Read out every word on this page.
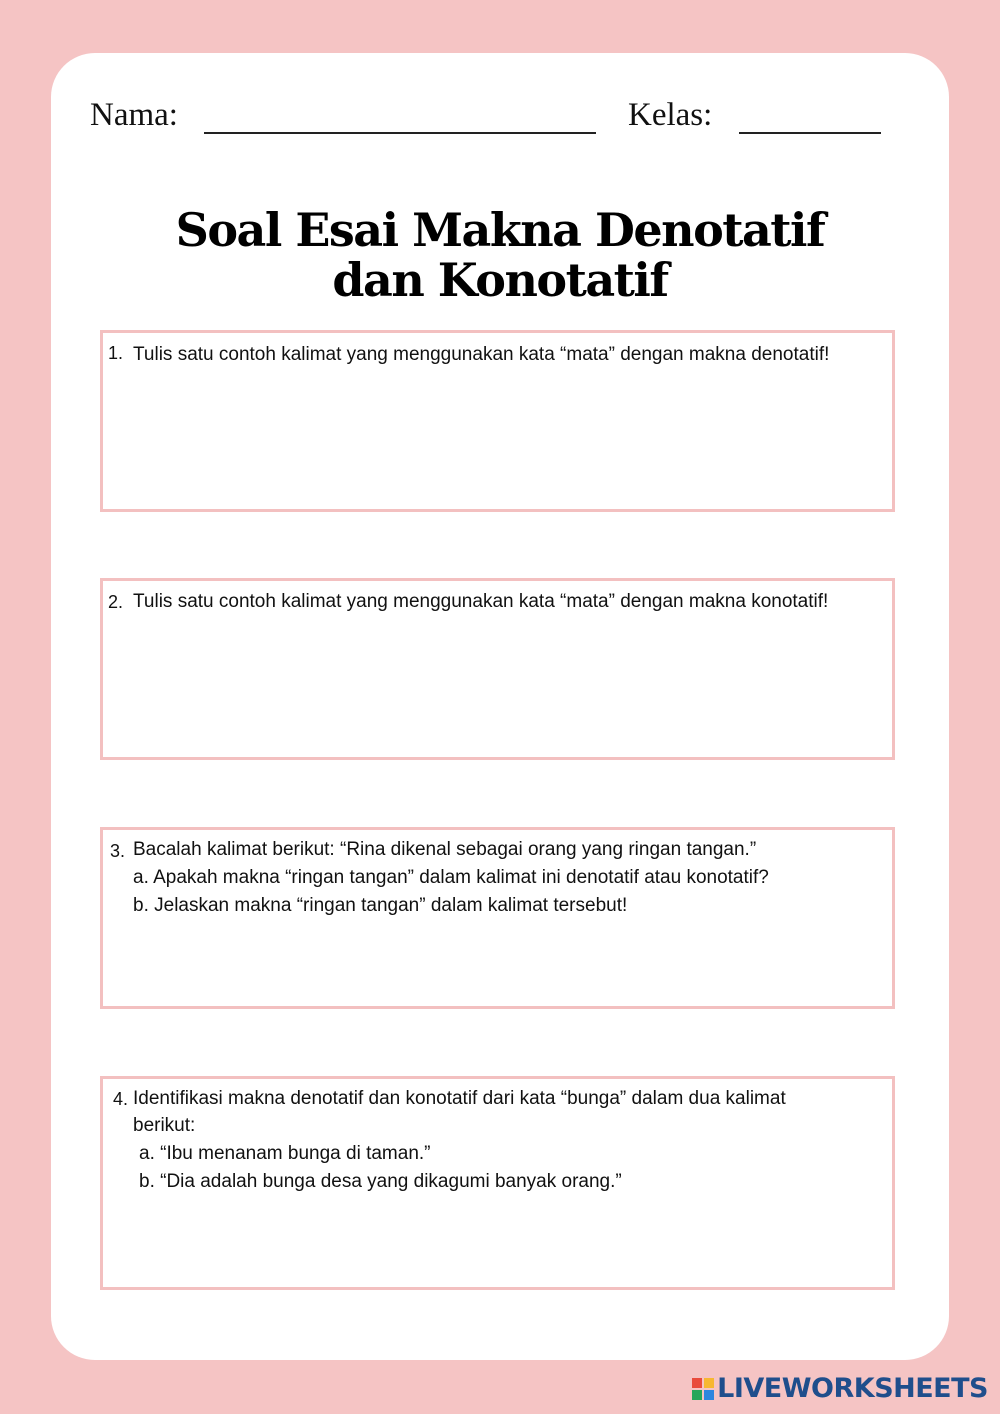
Nama:	Kelas:
Soal Esai Makna Denotatif
dan Konotatif
1. Tulis satu contoh kalimat yang menggunakan kata “mata” dengan makna denotatif!
2. Tulis satu contoh kalimat yang menggunakan kata “mata” dengan makna konotatif!
3. Bacalah kalimat berikut: “Rina dikenal sebagai orang yang ringan tangan.”
a. Apakah makna “ringan tangan” dalam kalimat ini denotatif atau konotatif?
b. Jelaskan makna “ringan tangan” dalam kalimat tersebut!
4. Identifikasi makna denotatif dan konotatif dari kata “bunga” dalam dua kalimat
berikut:
a. “Ibu menanam bunga di taman.”
b. “Dia adalah bunga desa yang dikagumi banyak orang.”
LIVEWORKSHEETS
